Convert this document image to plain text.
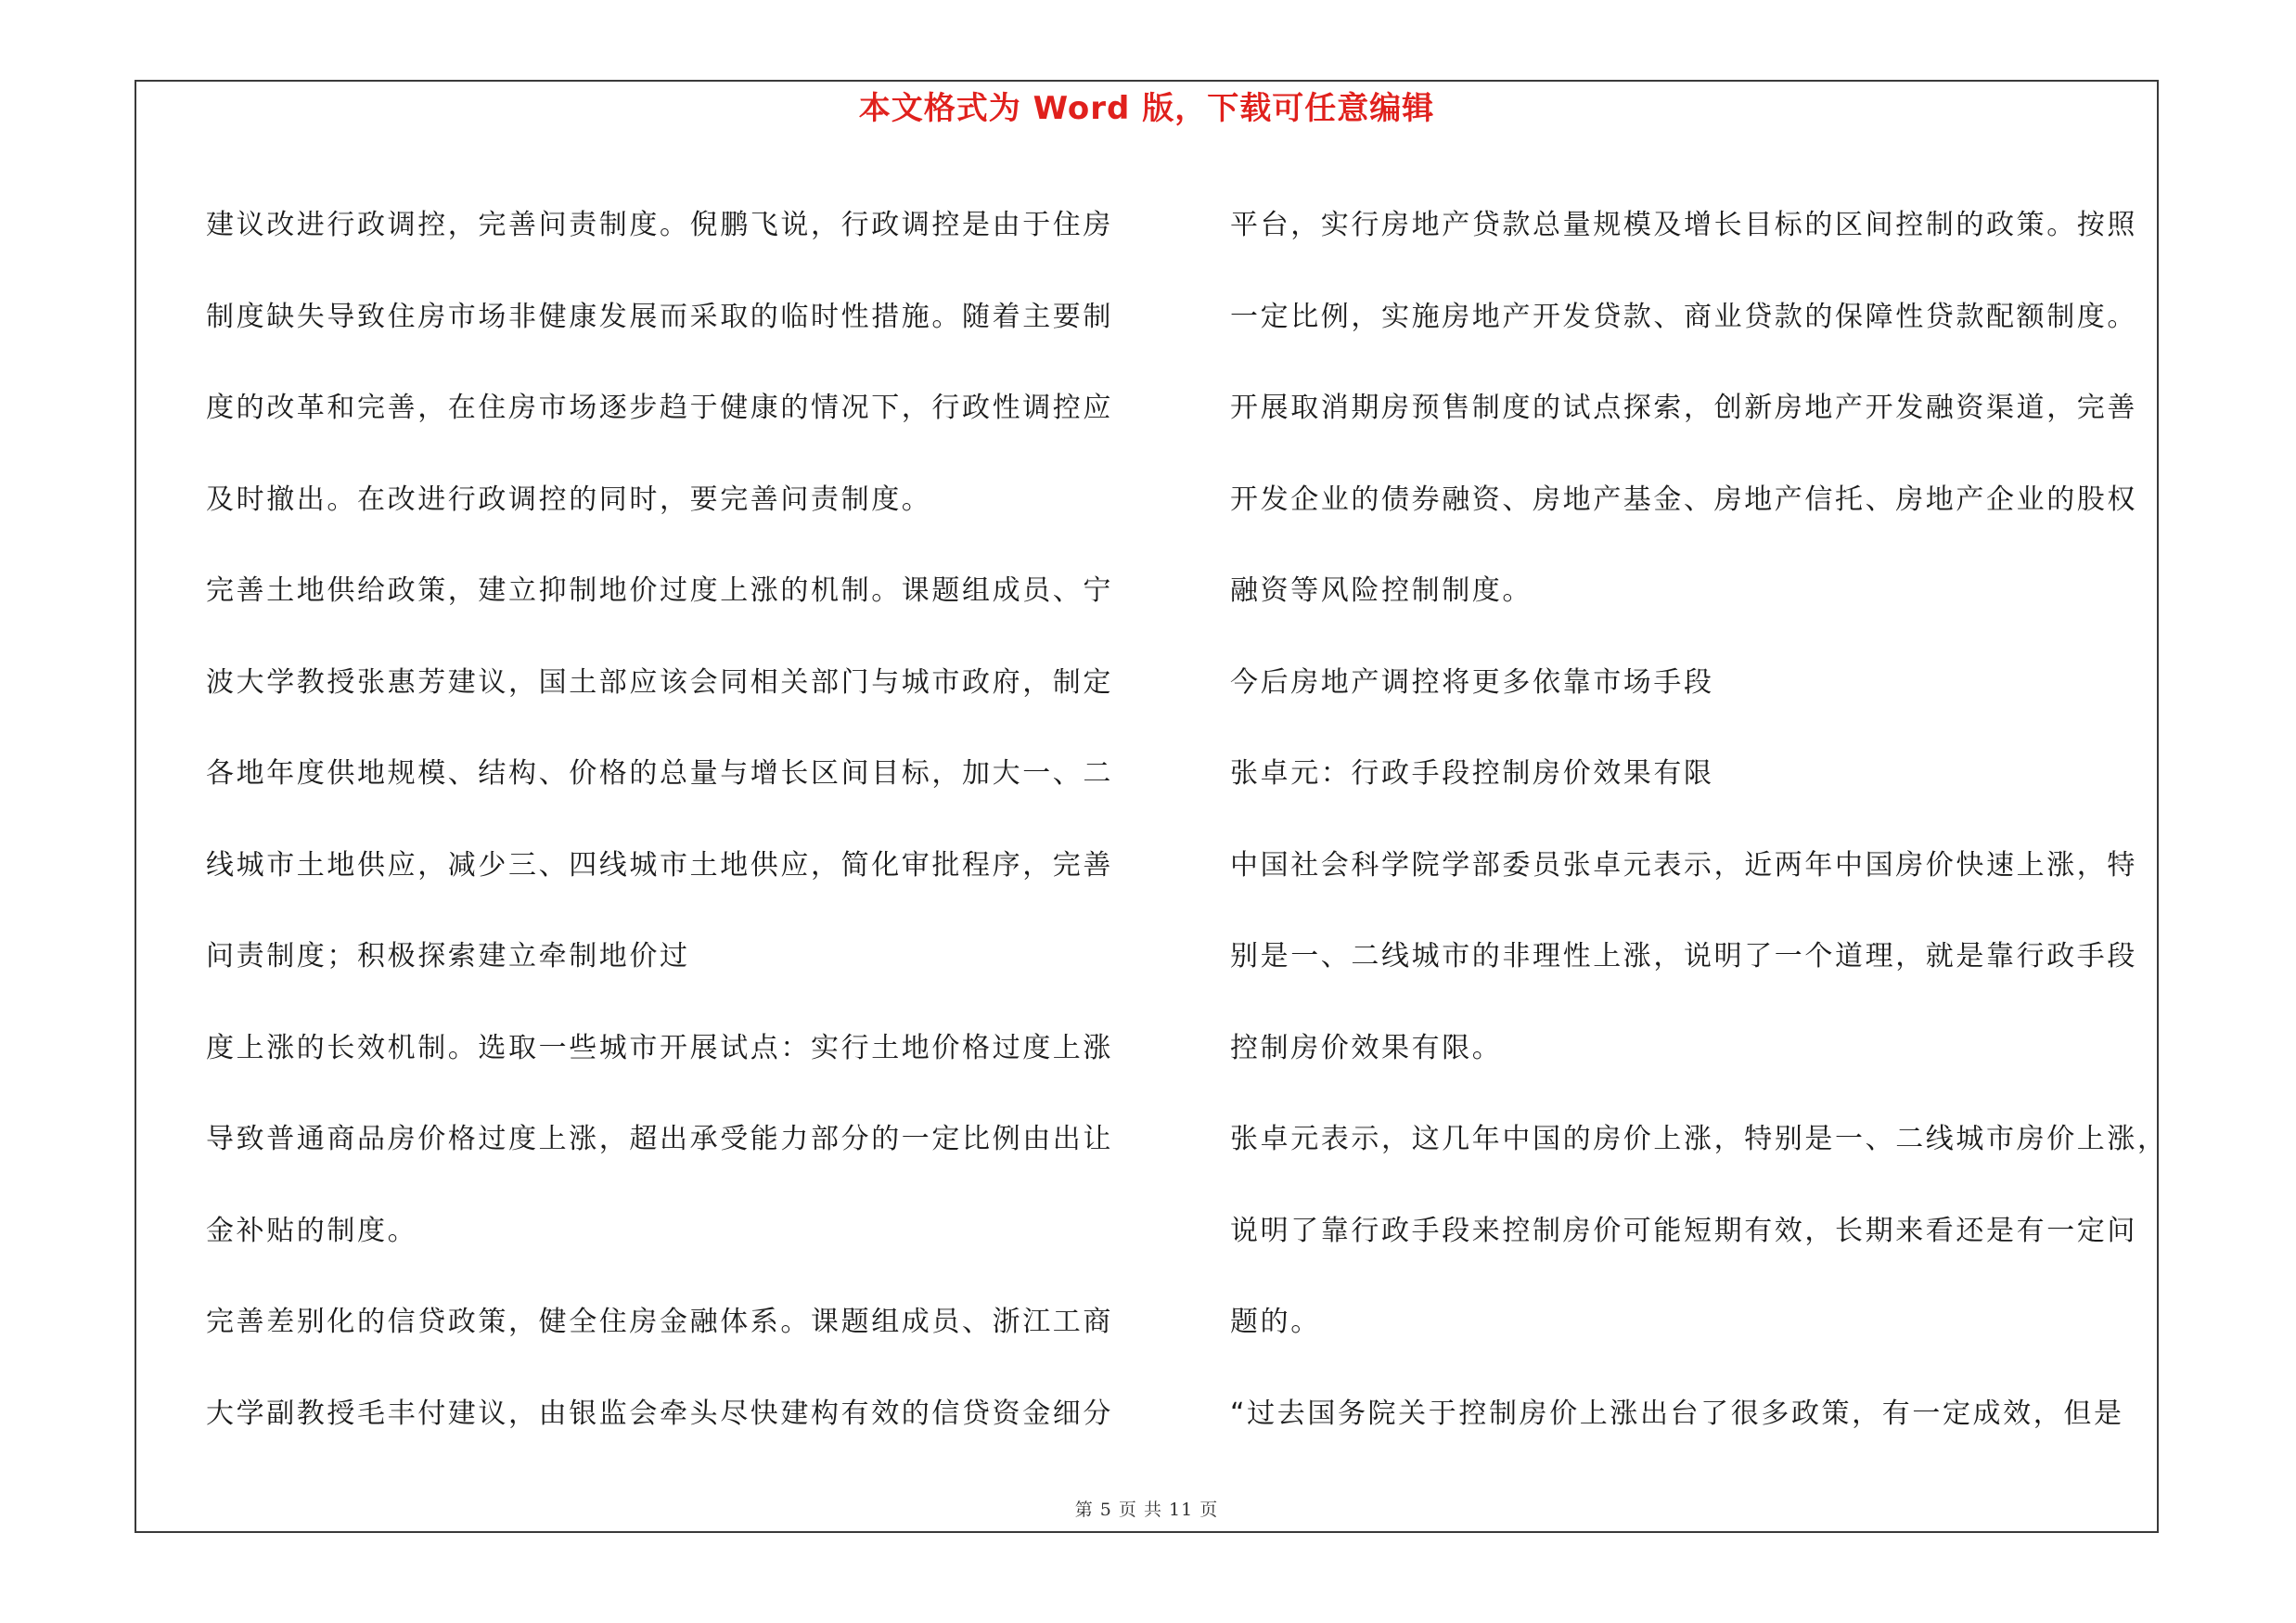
本文格式为 Word 版，下载可任意编辑
建议改进行政调控，完善问责制度。倪鹏飞说，行政调控是由于住房
制度缺失导致住房市场非健康发展而采取的临时性措施。随着主要制
度的改革和完善，在住房市场逐步趋于健康的情况下，行政性调控应
及时撤出。在改进行政调控的同时，要完善问责制度。
完善土地供给政策，建立抑制地价过度上涨的机制。课题组成员、宁
波大学教授张惠芳建议，国土部应该会同相关部门与城市政府，制定
各地年度供地规模、结构、价格的总量与增长区间目标，加大一、二
线城市土地供应，减少三、四线城市土地供应，简化审批程序，完善
问责制度；积极探索建立牵制地价过
度上涨的长效机制。选取一些城市开展试点：实行土地价格过度上涨
导致普通商品房价格过度上涨，超出承受能力部分的一定比例由出让
金补贴的制度。
完善差别化的信贷政策，健全住房金融体系。课题组成员、浙江工商
大学副教授毛丰付建议，由银监会牵头尽快建构有效的信贷资金细分
平台，实行房地产贷款总量规模及增长目标的区间控制的政策。按照
一定比例，实施房地产开发贷款、商业贷款的保障性贷款配额制度。
开展取消期房预售制度的试点探索，创新房地产开发融资渠道，完善
开发企业的债券融资、房地产基金、房地产信托、房地产企业的股权
融资等风险控制制度。
今后房地产调控将更多依靠市场手段
张卓元：行政手段控制房价效果有限
中国社会科学院学部委员张卓元表示，近两年中国房价快速上涨，特
别是一、二线城市的非理性上涨，说明了一个道理，就是靠行政手段
控制房价效果有限。
张卓元表示，这几年中国的房价上涨，特别是一、二线城市房价上涨，
说明了靠行政手段来控制房价可能短期有效，长期来看还是有一定问
题的。
“过去国务院关于控制房价上涨出台了很多政策，有一定成效，但是
第 5 页 共 11 页
